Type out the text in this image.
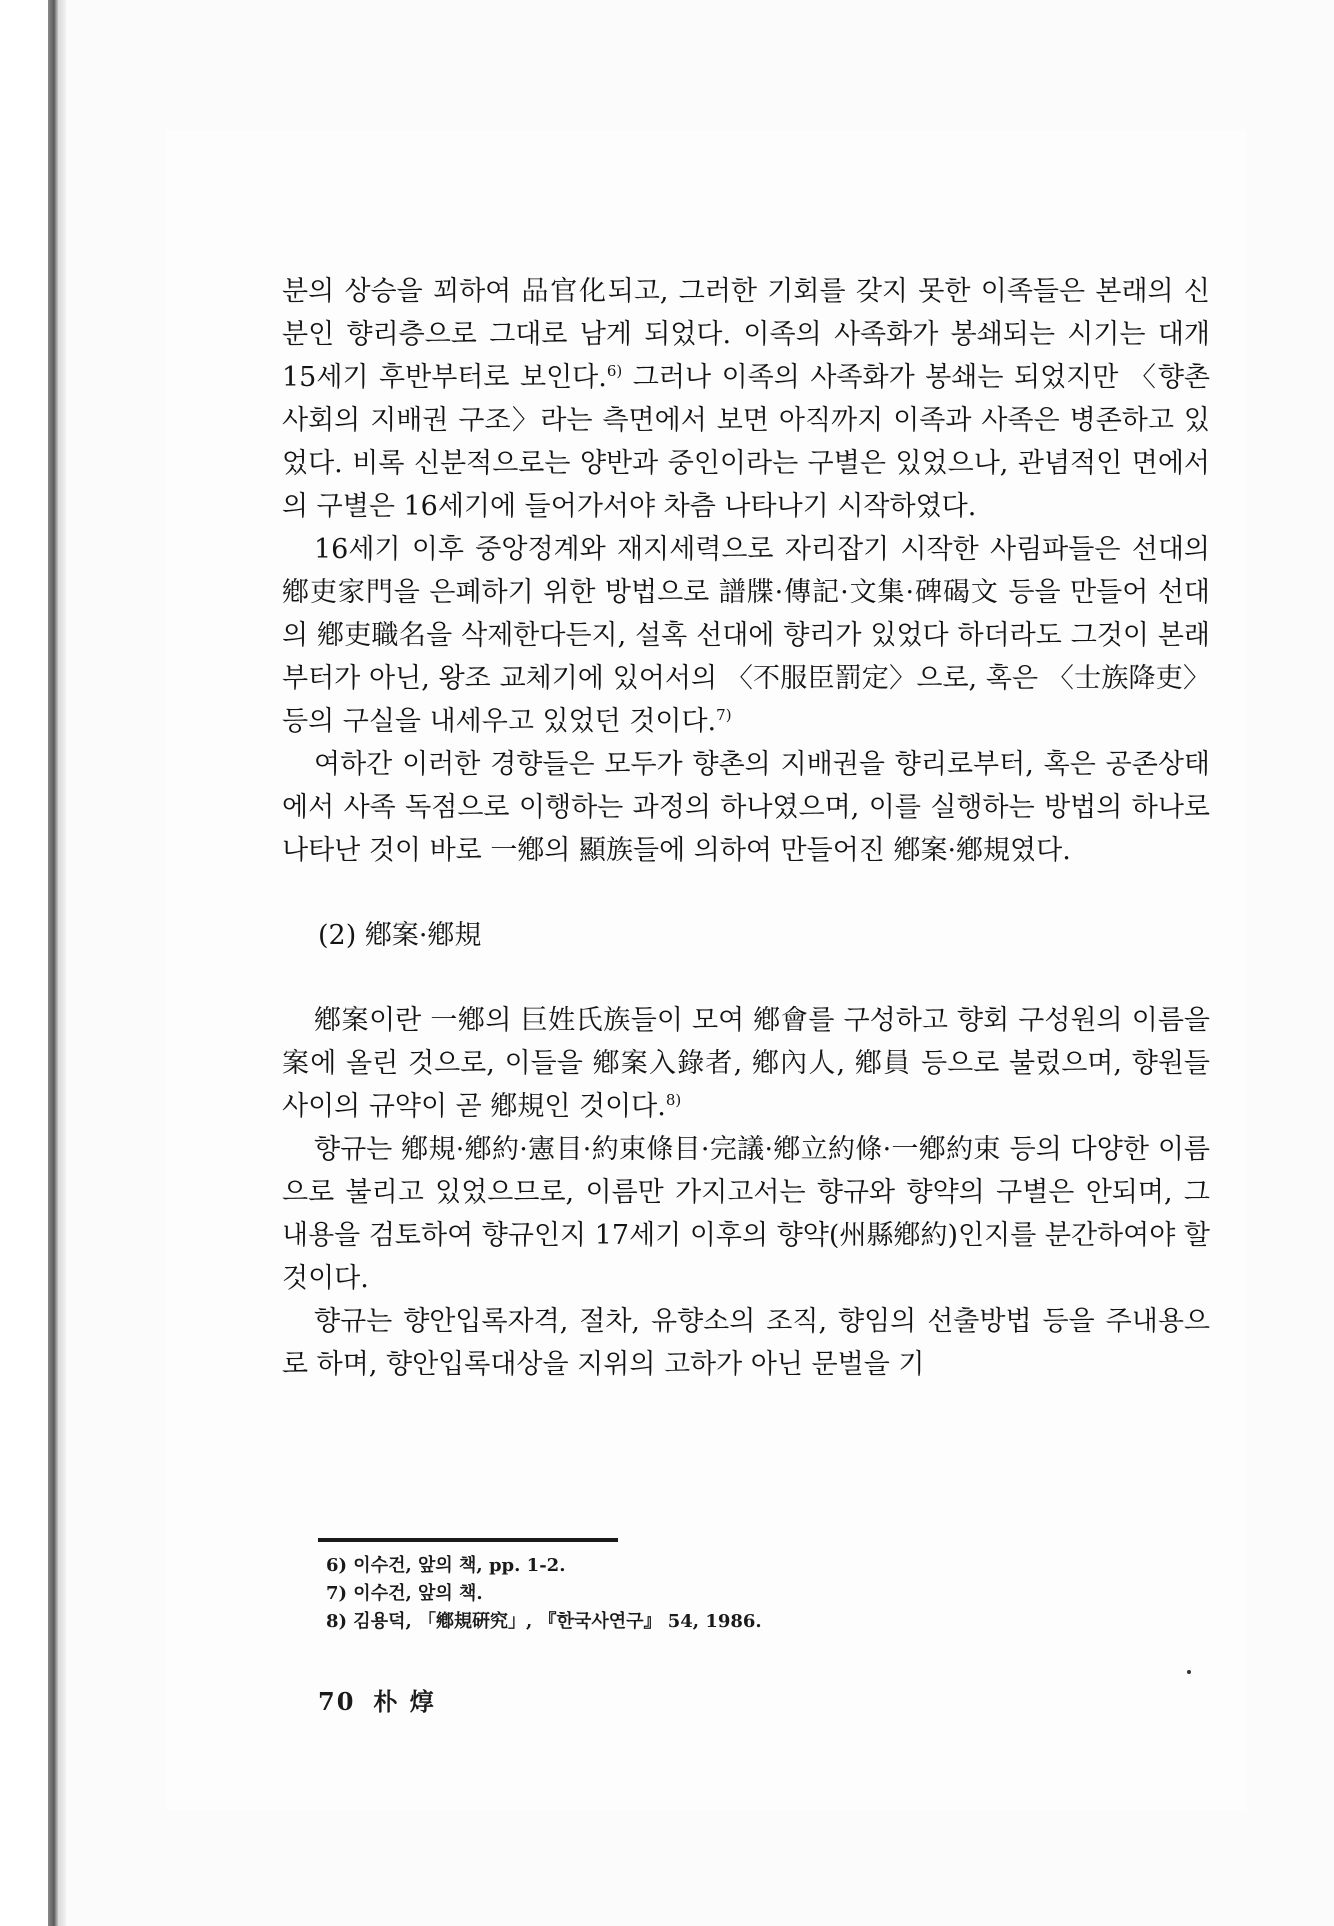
분의 상승을 꾀하여 品官化되고, 그러한 기회를 갖지 못한 이족들은 본래의 신분인 향리층으로 그대로 남게 되었다. 이족의 사족화가 봉쇄되는 시기는 대개 15세기 후반부터로 보인다.$^{6)}$ 그러나 이족의 사족화가 봉쇄는 되었지만 〈향촌사회의 지배권 구조〉라는 측면에서 보면 아직까지 이족과 사족은 병존하고 있었다. 비록 신분적으로는 양반과 중인이라는 구별은 있었으나, 관념적인 면에서의 구별은 16세기에 들어가서야 차츰 나타나기 시작하였다.

16세기 이후 중앙정계와 재지세력으로 자리잡기 시작한 사림파들은 선대의 鄕吏家門을 은폐하기 위한 방법으로 譜牒·傳記·文集·碑碣文 등을 만들어 선대의 鄕吏職名을 삭제한다든지, 설혹 선대에 향리가 있었다 하더라도 그것이 본래부터가 아닌, 왕조 교체기에 있어서의 〈不服臣罰定〉으로, 혹은 〈士族降吏〉 등의 구실을 내세우고 있었던 것이다.$^{7)}$

여하간 이러한 경향들은 모두가 향촌의 지배권을 향리로부터, 혹은 공존상태에서 사족 독점으로 이행하는 과정의 하나였으며, 이를 실행하는 방법의 하나로 나타난 것이 바로 一鄕의 顯族들에 의하여 만들어진 鄕案·鄕規였다.

(2) 鄕案·鄕規

鄕案이란 一鄕의 巨姓氏族들이 모여 鄕會를 구성하고 향회 구성원의 이름을 案에 올린 것으로, 이들을 鄕案入錄者, 鄕內人, 鄕員 등으로 불렀으며, 향원들 사이의 규약이 곧 鄕規인 것이다.$^{8)}$

향규는 鄕規·鄕約·憲目·約束條目·完議·鄕立約條·一鄕約束 등의 다양한 이름으로 불리고 있었으므로, 이름만 가지고서는 향규와 향약의 구별은 안되며, 그 내용을 검토하여 향규인지 17세기 이후의 향약(州縣鄕約)인지를 분간하여야 할 것이다.

향규는 향안입록자격, 절차, 유향소의 조직, 향임의 선출방법 등을 주내용으로 하며, 향안입록대상을 지위의 고하가 아닌 문벌을 기

6) 이수건, 앞의 책, pp. 1-2.
7) 이수건, 앞의 책.
8) 김용덕, 「鄕規硏究」, 『한국사연구』 54, 1986.
70 朴 焞
